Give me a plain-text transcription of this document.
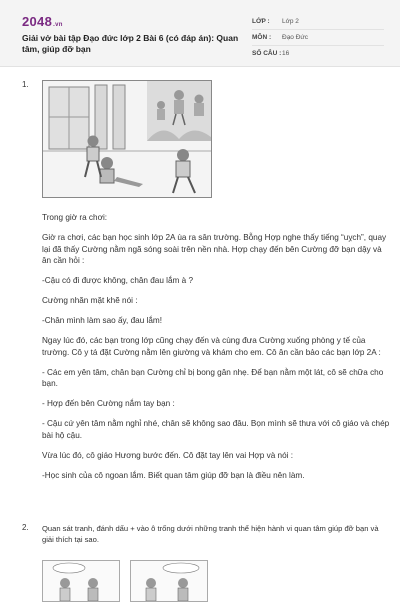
2048.vn
Giải vở bài tập Đạo đức lớp 2 Bài 6 (có đáp án): Quan tâm, giúp đỡ bạn
LỚP :	Lớp 2
MÔN :	Đạo Đức
SỐ CÂU : 16
1.

Trong giờ ra chơi:

Giờ ra chơi, các bạn học sinh lớp 2A ùa ra sân trường. Bỗng Hợp nghe thấy tiếng “uỵch”, quay lại đã thấy Cường nằm ngã sóng soài trên nền nhà. Hợp chạy đến bên Cường đỡ bạn dậy và ân cần hỏi :

-Cậu có đi được không, chân đau lắm à ?

Cường nhăn mặt khẽ nói :

-Chân mình làm sao ấy, đau lắm!

Ngay lúc đó, các bạn trong lớp cũng chạy đến và cùng đưa Cường xuống phòng y tế của trường. Cô y tá đặt Cường nằm lên giường và khám cho em. Cô ân cần bảo các bạn lớp 2A :

- Các em yên tâm, chân bạn Cường chỉ bị bong gân nhẹ. Để bạn nằm một lát, cô sẽ chữa cho bạn.

- Hợp đến bên Cường nắm tay bạn :

- Cậu cứ yên tâm nằm nghỉ nhé, chân sẽ không sao đâu. Bọn mình sẽ thưa với cô giáo và chép bài hộ cậu.

Vừa lúc đó, cô giáo Hương bước đến. Cô đặt tay lên vai Hợp và nói :

-Học sinh của cô ngoan lắm. Biết quan tâm giúp đỡ bạn là điều nên làm.

2. Quan sát tranh, đánh dấu + vào ô trống dưới những tranh thể hiện hành vi quan tâm giúp đỡ bạn và giải thích tại sao.
